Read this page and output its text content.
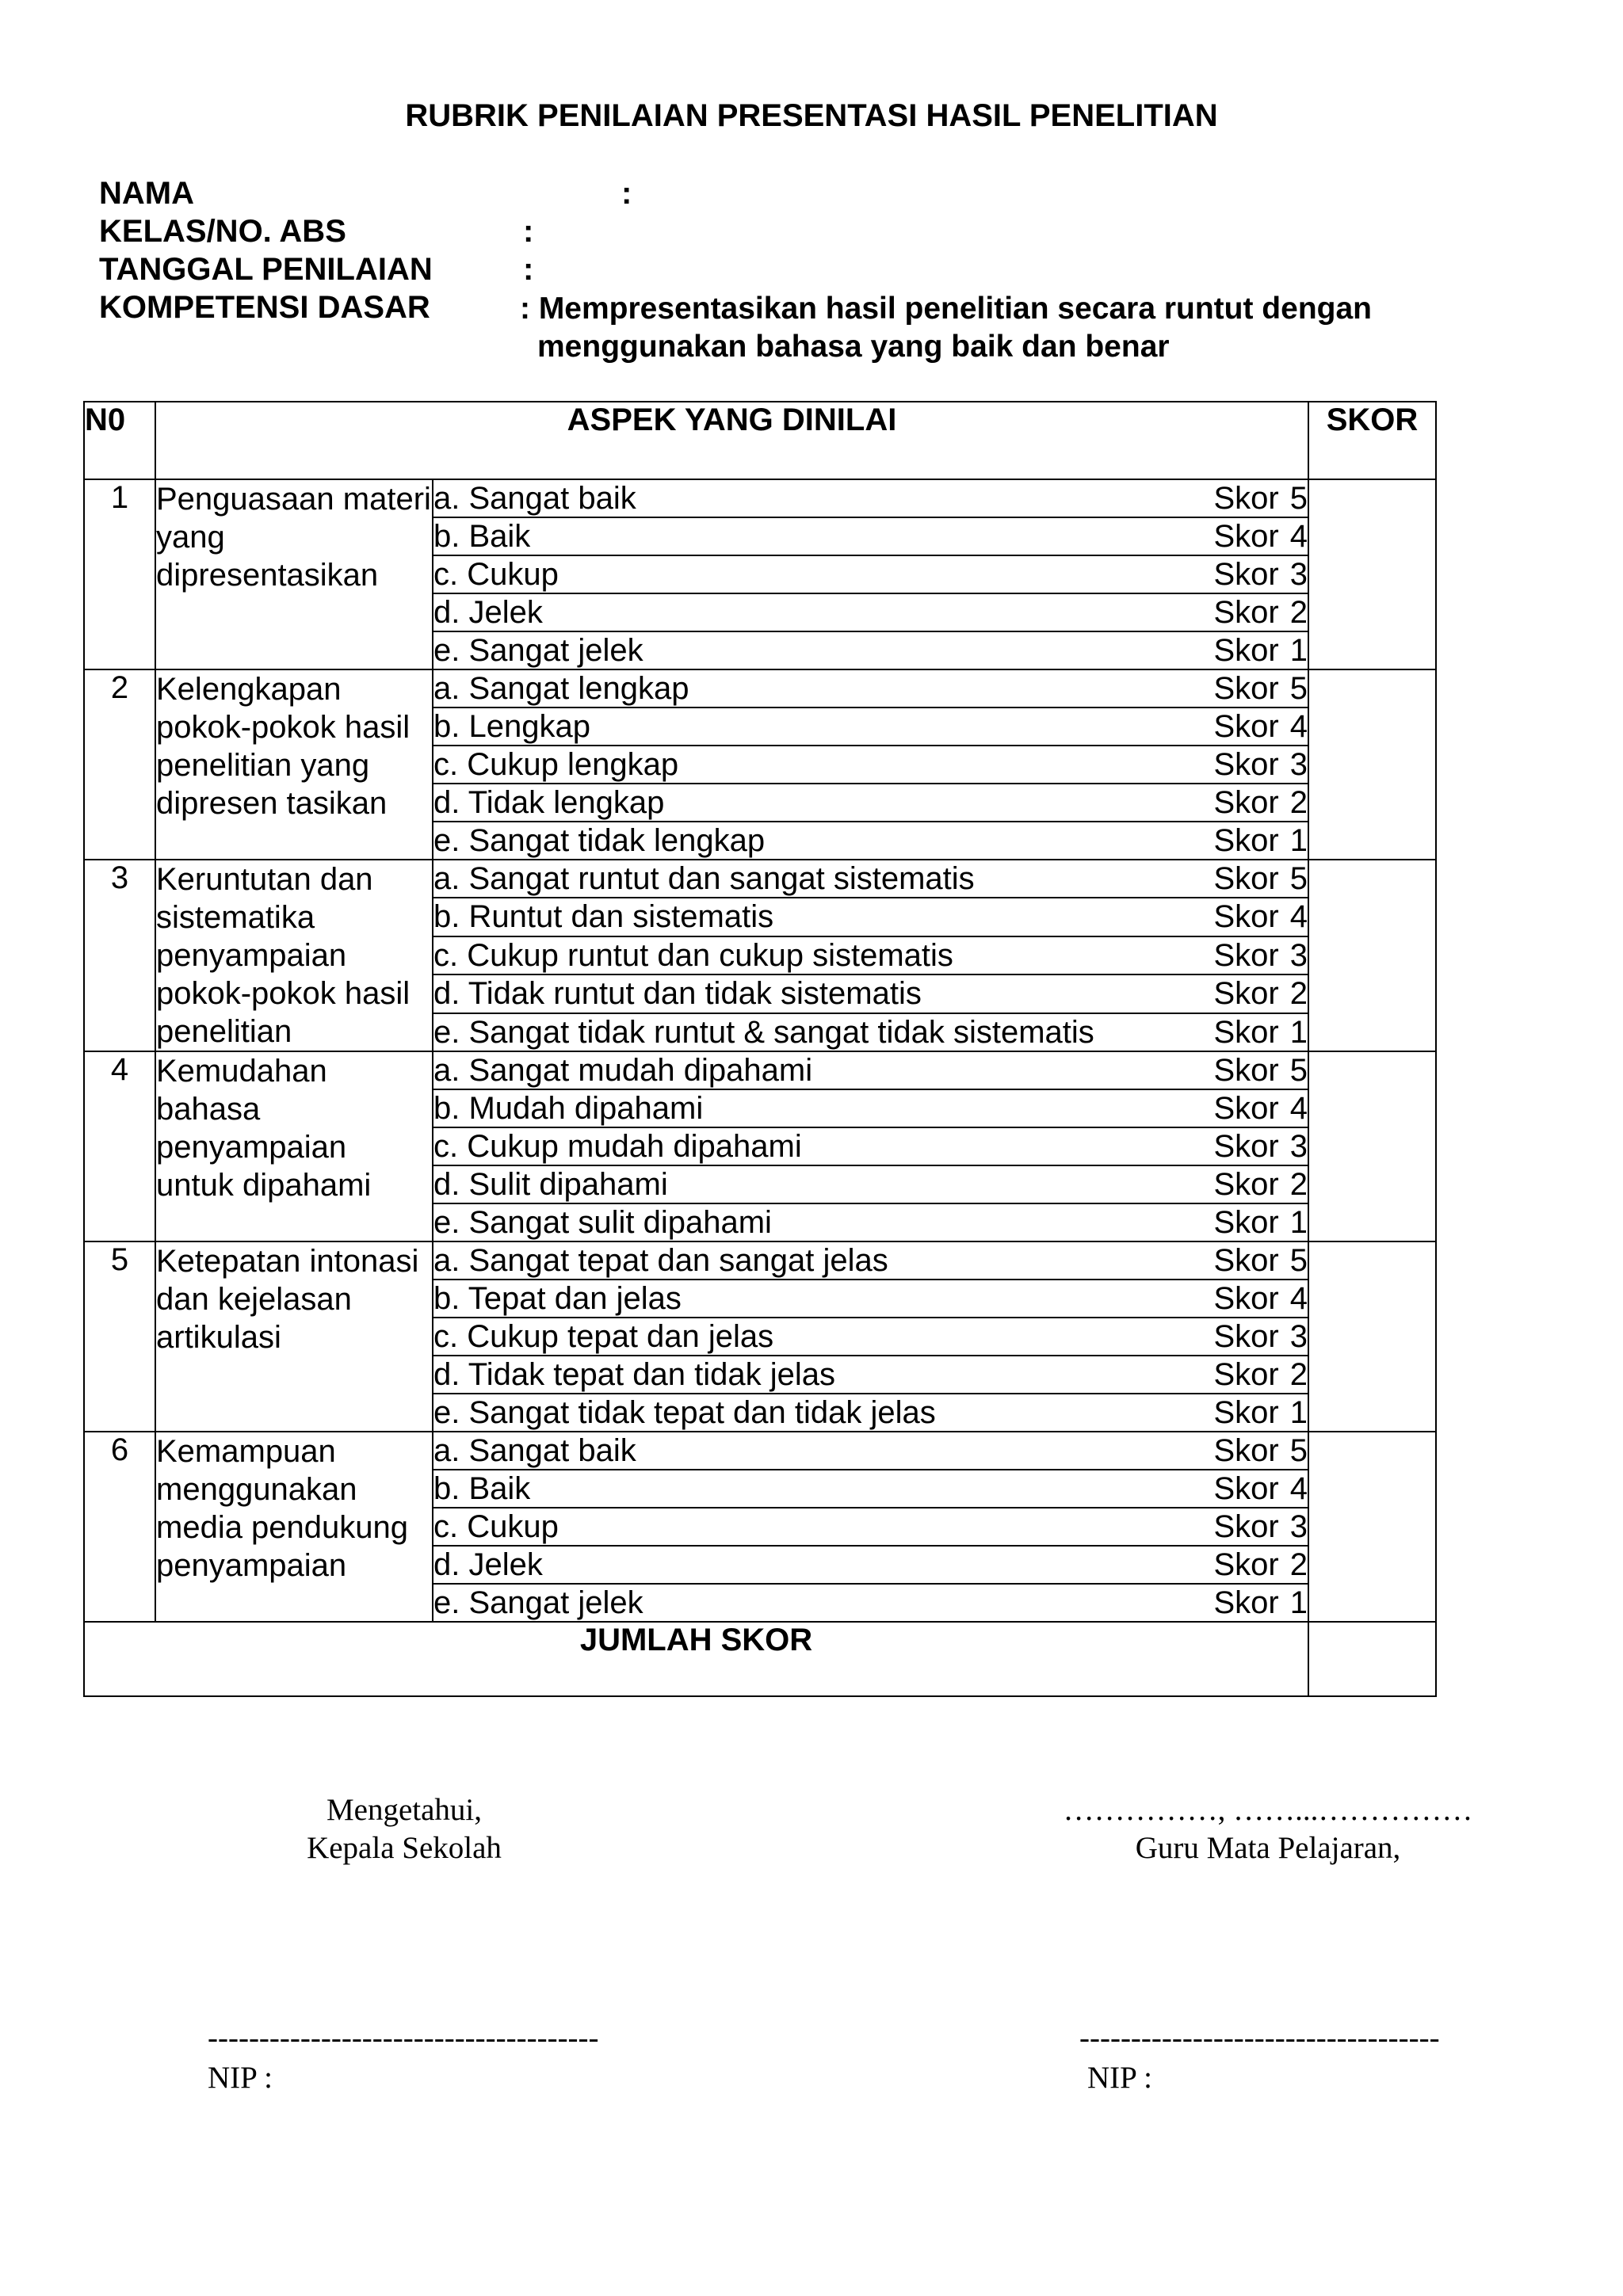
RUBRIK PENILAIAN PRESENTASI HASIL PENELITIAN
NAMA	:
KELAS/NO. ABS	:
TANGGAL PENILAIAN	:
KOMPETENSI DASAR	: Mempresentasikan hasil penelitian secara runtut dengan
menggunakan bahasa yang baik dan benar
N0	ASPEK YANG DINILAI		SKOR
1	Penguasaan materi yang dipresentasikan	a. Sangat baik Skor 5	

		b. Baik Skor 4	

		c. Cukup Skor 3	

		d. Jelek Skor 2	

		e. Sangat jelek Skor 1	

2	Kelengkapan pokok-pokok hasil penelitian yang dipresen tasikan	a. Sangat lengkap Skor 5	

		b. Lengkap Skor 4	

		c. Cukup lengkap Skor 3	

		d. Tidak lengkap Skor 2	

		e. Sangat tidak lengkap Skor 1	

3	Keruntutan dan sistematika penyampaian pokok-pokok hasil penelitian	a. Sangat runtut dan sangat sistematis Skor 5	

		b. Runtut dan sistematis Skor 4	

		c. Cukup runtut dan cukup sistematis Skor 3	

		d. Tidak runtut dan tidak sistematis Skor 2	

		e. Sangat tidak runtut & sangat tidak sistematis Skor 1	

4	Kemudahan bahasa penyampaian untuk dipahami	a. Sangat mudah dipahami Skor 5	

		b. Mudah dipahami Skor 4	

		c. Cukup mudah dipahami Skor 3	

		d. Sulit dipahami Skor 2	

		e. Sangat sulit dipahami Skor 1	

5	Ketepatan intonasi dan kejelasan artikulasi	a. Sangat tepat dan sangat jelas Skor 5	

		b. Tepat dan jelas Skor 4	

		c. Cukup tepat dan jelas Skor 3	

		d. Tidak tepat dan tidak jelas Skor 2	

		e. Sangat tidak tepat dan tidak jelas Skor 1	

6	Kemampuan menggunakan media pendukung penyampaian	a. Sangat baik Skor 5	

		b. Baik Skor 4	

		c. Cukup Skor 3	

		d. Jelek Skor 2	

		e. Sangat jelek Skor 1	

JUMLAH SKOR			
Mengetahui,
Kepala Sekolah
……………, ……...……………
Guru Mata Pelajaran,
--------------------------------------
NIP :
-----------------------------------
NIP :
